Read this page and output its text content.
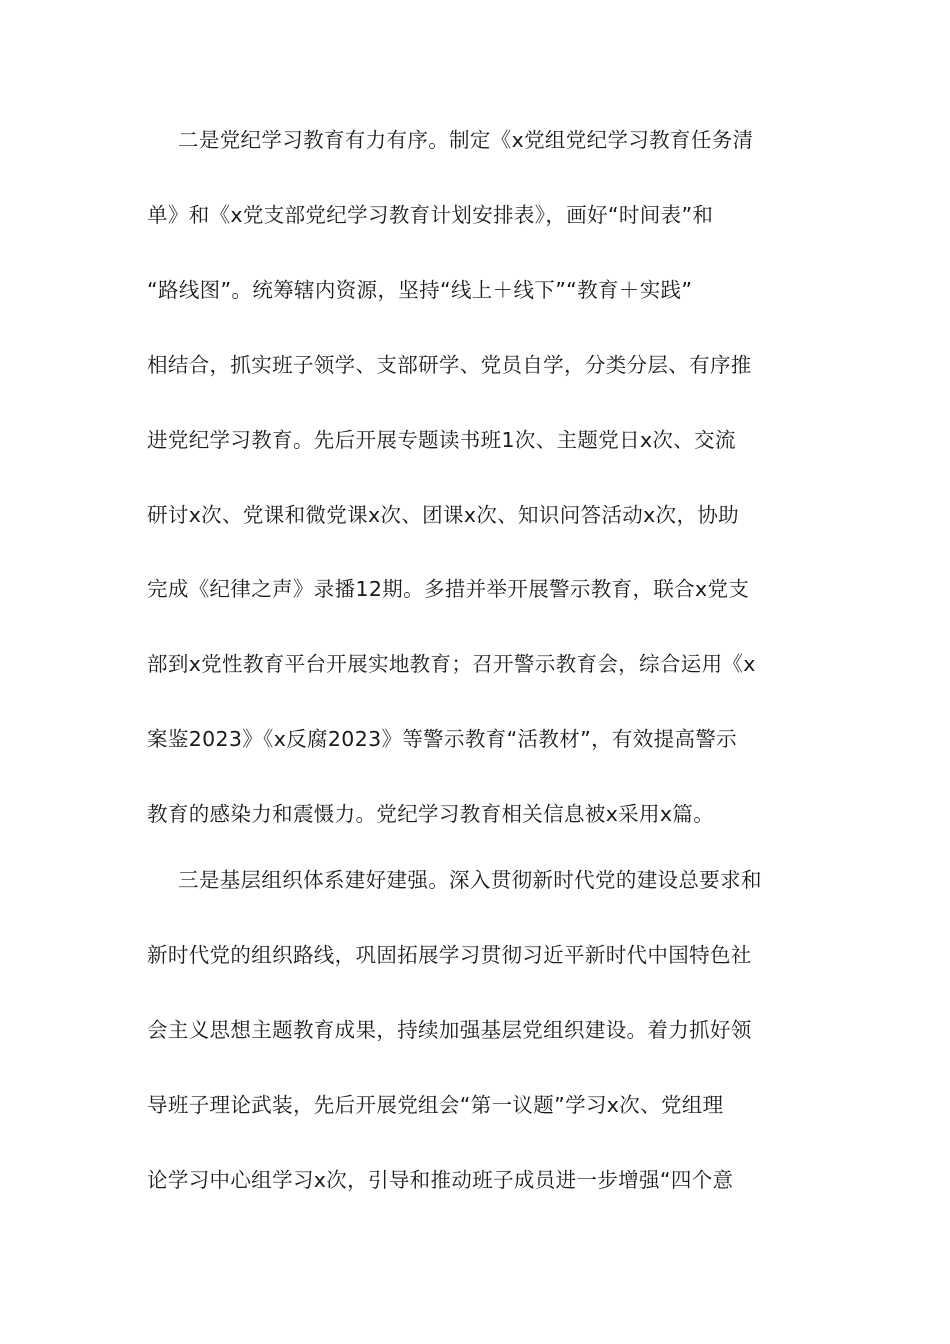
二是党纪学习教育有力有序。制定《x党组党纪学习教育任务清
单》和《x党支部党纪学习教育计划安排表》，画好“时间表”和
“路线图”。统筹辖内资源，坚持“线上＋线下”“教育＋实践”
相结合，抓实班子领学、支部研学、党员自学，分类分层、有序推
进党纪学习教育。先后开展专题读书班1次、主题党日x次、交流
研讨x次、党课和微党课x次、团课x次、知识问答活动x次，协助
完成《纪律之声》录播12期。多措并举开展警示教育，联合x党支
部到x党性教育平台开展实地教育；召开警示教育会，综合运用《x
案鉴2023》《x反腐2023》等警示教育“活教材”，有效提高警示
教育的感染力和震慑力。党纪学习教育相关信息被x采用x篇。
三是基层组织体系建好建强。深入贯彻新时代党的建设总要求和
新时代党的组织路线，巩固拓展学习贯彻习近平新时代中国特色社
会主义思想主题教育成果，持续加强基层党组织建设。着力抓好领
导班子理论武装，先后开展党组会“第一议题”学习x次、党组理
论学习中心组学习x次，引导和推动班子成员进一步增强“四个意
